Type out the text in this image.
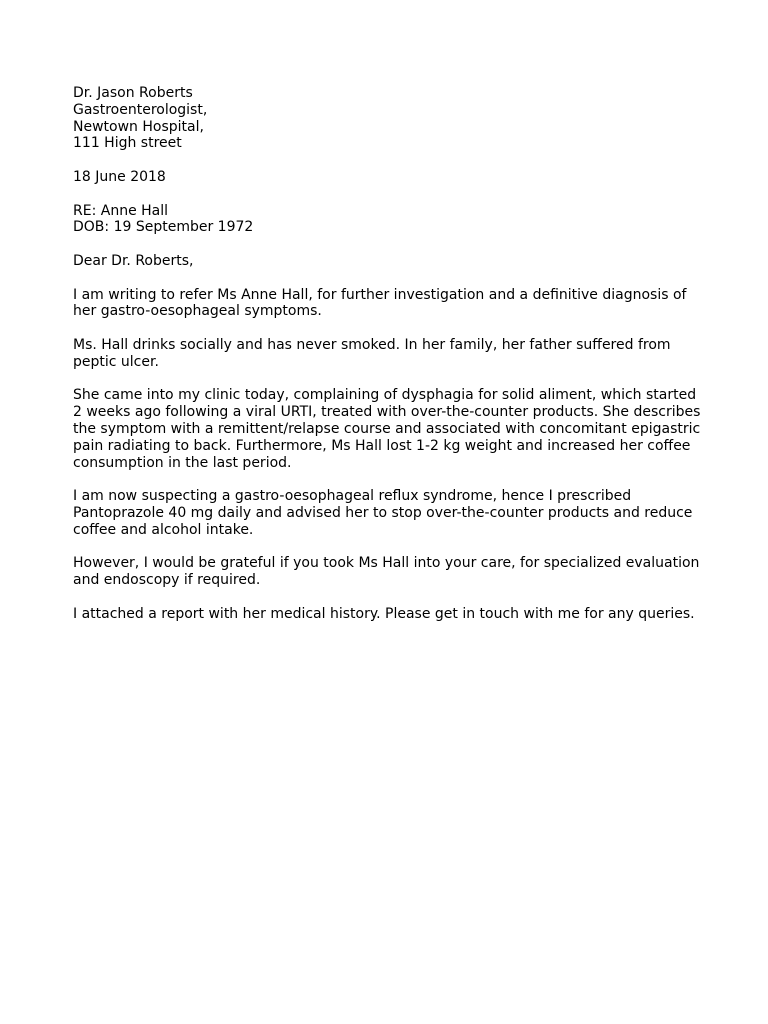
Dr. Jason Roberts
Gastroenterologist,
Newtown Hospital,
111 High street
18 June 2018
RE: Anne Hall
DOB: 19 September 1972
Dear Dr. Roberts,

I am writing to refer Ms Anne Hall, for further investigation and a definitive diagnosis of her gastro-oesophageal symptoms.

Ms. Hall drinks socially and has never smoked. In her family, her father suffered from peptic ulcer.

She came into my clinic today, complaining of dysphagia for solid aliment, which started 2 weeks ago following a viral URTI, treated with over-the-counter products. She describes the symptom with a remittent/relapse course and associated with concomitant epigastric pain radiating to back. Furthermore, Ms Hall lost 1-2 kg weight and increased her coffee consumption in the last period.

I am now suspecting a gastro-oesophageal reflux syndrome, hence I prescribed Pantoprazole 40 mg daily and advised her to stop over-the-counter products and reduce coffee and alcohol intake.

However, I would be grateful if you took Ms Hall into your care, for specialized evaluation and endoscopy if required.

I attached a report with her medical history. Please get in touch with me for any queries.
